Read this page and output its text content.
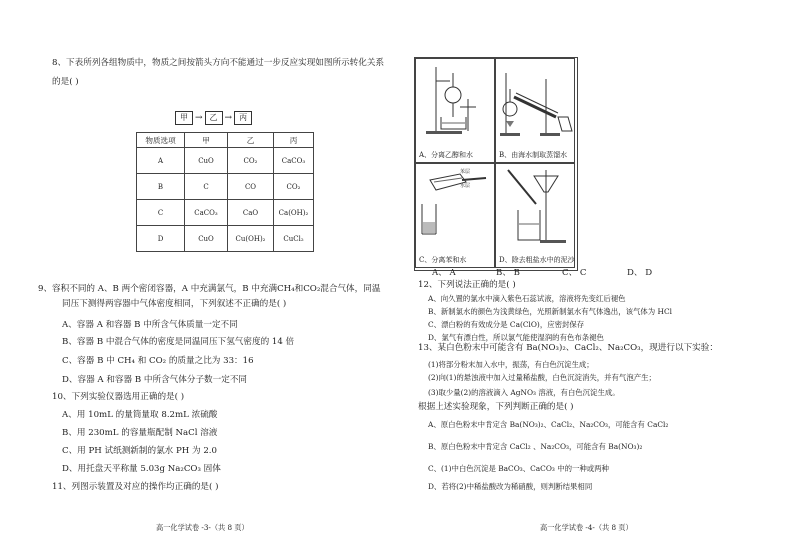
8、下表所列各组物质中，物质之间按箭头方向不能通过一步反应实现如图所示转化关系
的是( )
甲 → 乙 → 丙
物质选项	甲	乙	丙
A	CuO	CO₂	CaCO₃
B	C	CO	CO₂
C	CaCO₃	CaO	Ca(OH)₂
D	CuO	Cu(OH)₂	CuCl₂
9、容积不同的 A、B 两个密闭容器，A 中充满氯气，B 中充满CH₄和CO₂混合气体，同温
同压下测得两容器中气体密度相同，下列叙述不正确的是( )
A、容器 A 和容器 B 中所含气体质量一定不同
B、容器 B 中混合气体的密度是同温同压下氢气密度的 14 倍
C、容器 B 中 CH₄ 和 CO₂ 的质量之比为 33：16
D、容器 A 和容器 B 中所含气体分子数一定不同
10、下列实验仪器选用正确的是( )
A、用 10mL 的量筒量取 8.2mL 浓硫酸
B、用 230mL 的容量瓶配制 NaCl 溶液
C、用 PH 试纸测新制的氯水 PH 为 2.0
D、用托盘天平称量 5.03g Na₂CO₃ 固体
11、列图示装置及对应的操作均正确的是( )
高一化学试卷 -3-（共 8 页）
A、分离乙醇和水	B、由海水制取蒸馏水
苯层
水层
C、分离苯和水	D、除去粗盐水中的泥沙
A、 A	B、 B	C、 C	D、 D
12、下列说法正确的是( )
A、向久置的氯水中滴入紫色石蕊试液，溶液将先变红后褪色
B、新制氯水的颜色为浅黄绿色，光照新制氯水有气体逸出，该气体为 HCl
C、漂白粉的有效成分是 Ca(ClO)，应密封保存
D、氯气有漂白性，所以氯气能使湿润的有色布条褪色
13、某白色粉末中可能含有 Ba(NO₃)₂、CaCl₂、Na₂CO₃，现进行以下实验：
(1)将部分粉末加入水中，振荡，有白色沉淀生成；
(2)向(1)的悬浊液中加入过量稀盐酸，白色沉淀消失，并有气泡产生；
(3)取少量(2)的溶液滴入 AgNO₃ 溶液，有白色沉淀生成。
根据上述实验现象，下列判断正确的是( )
A、原白色粉末中肯定含 Ba(NO₃)₂、CaCl₂、Na₂CO₃，可能含有 CaCl₂
B、原白色粉末中肯定含 CaCl₂ 、Na₂CO₃，可能含有 Ba(NO₃)₂
C、(1)中白色沉淀是 BaCO₃、CaCO₃ 中的一种或两种
D、若将(2)中稀盐酸改为稀硝酸，则判断结果相同
高一化学试卷 -4-（共 8 页）
